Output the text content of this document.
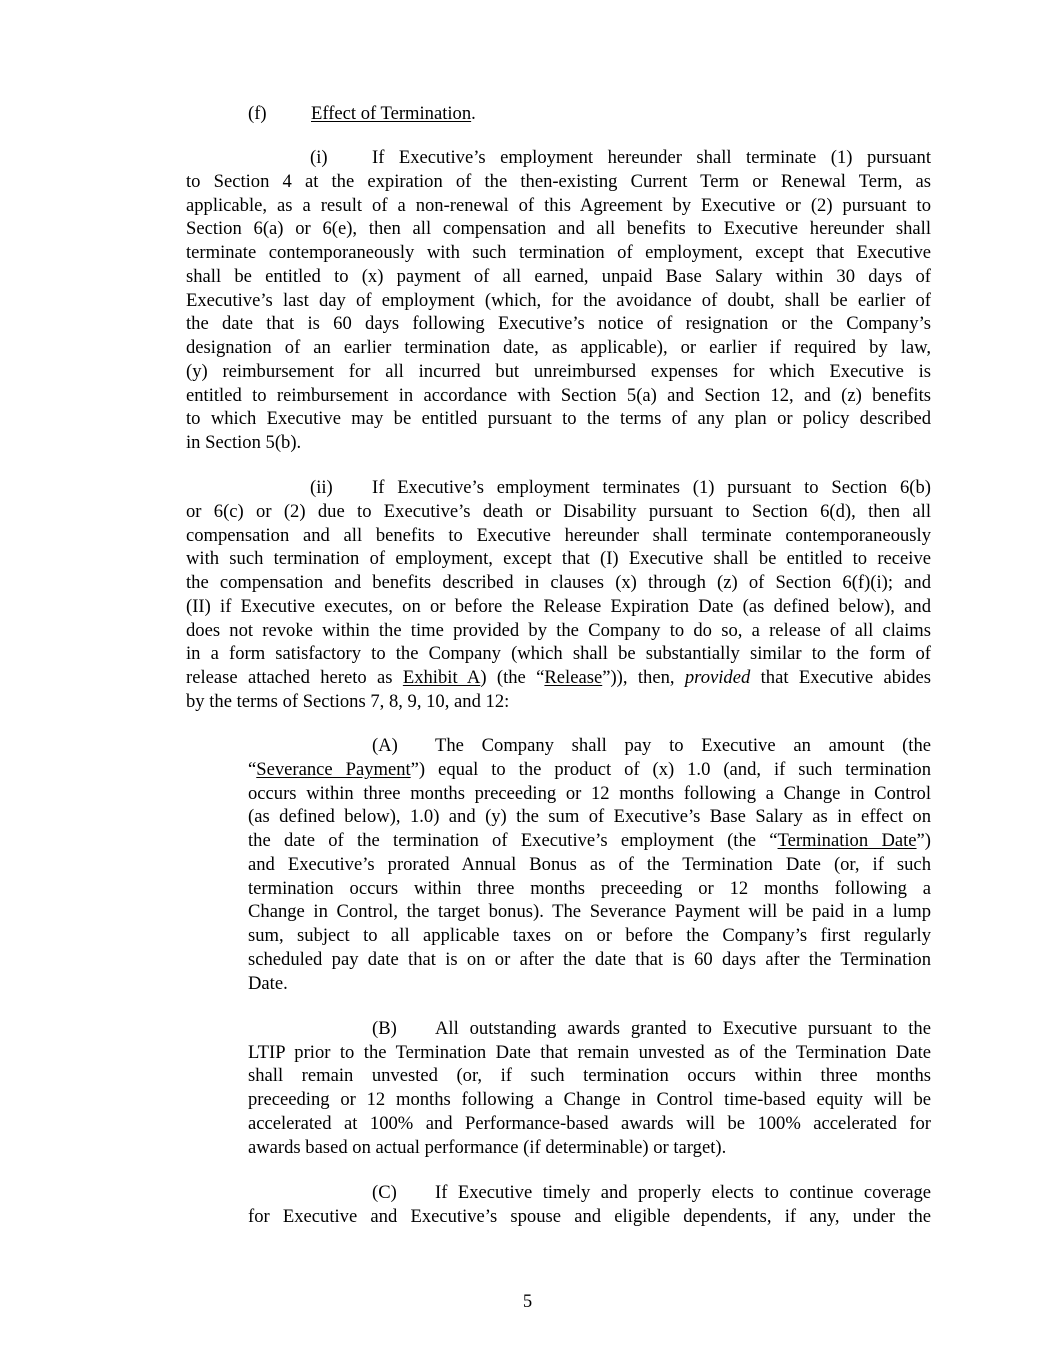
(f) Effect of Termination.
(i) If Executive’s employment hereunder shall terminate (1) pursuant
to Section 4 at the expiration of the then-existing Current Term or Renewal Term, as
applicable, as a result of a non-renewal of this Agreement by Executive or (2) pursuant to
Section 6(a) or 6(e), then all compensation and all benefits to Executive hereunder shall
terminate contemporaneously with such termination of employment, except that Executive
shall be entitled to (x) payment of all earned, unpaid Base Salary within 30 days of
Executive’s last day of employment (which, for the avoidance of doubt, shall be earlier of
the date that is 60 days following Executive’s notice of resignation or the Company’s
designation of an earlier termination date, as applicable), or earlier if required by law,
(y) reimbursement for all incurred but unreimbursed expenses for which Executive is
entitled to reimbursement in accordance with Section 5(a) and Section 12, and (z) benefits
to which Executive may be entitled pursuant to the terms of any plan or policy described
in Section 5(b).
(ii) If Executive’s employment terminates (1) pursuant to Section 6(b)
or 6(c) or (2) due to Executive’s death or Disability pursuant to Section 6(d), then all
compensation and all benefits to Executive hereunder shall terminate contemporaneously
with such termination of employment, except that (I) Executive shall be entitled to receive
the compensation and benefits described in clauses (x) through (z) of Section 6(f)(i); and
(II) if Executive executes, on or before the Release Expiration Date (as defined below), and
does not revoke within the time provided by the Company to do so, a release of all claims
in a form satisfactory to the Company (which shall be substantially similar to the form of
release attached hereto as Exhibit A) (the “Release”)), then, provided that Executive abides
by the terms of Sections 7, 8, 9, 10, and 12:
(A) The Company shall pay to Executive an amount (the
“Severance Payment”) equal to the product of (x) 1.0 (and, if such termination
occurs within three months preceeding or 12 months following a Change in Control
(as defined below), 1.0) and (y) the sum of Executive’s Base Salary as in effect on
the date of the termination of Executive’s employment (the “Termination Date”)
and Executive’s prorated Annual Bonus as of the Termination Date (or, if such
termination occurs within three months preceeding or 12 months following a
Change in Control, the target bonus). The Severance Payment will be paid in a lump
sum, subject to all applicable taxes on or before the Company’s first regularly
scheduled pay date that is on or after the date that is 60 days after the Termination
Date.
(B) All outstanding awards granted to Executive pursuant to the
LTIP prior to the Termination Date that remain unvested as of the Termination Date
shall remain unvested (or, if such termination occurs within three months
preceeding or 12 months following a Change in Control time-based equity will be
accelerated at 100% and Performance-based awards will be 100% accelerated for
awards based on actual performance (if determinable) or target).
(C) If Executive timely and properly elects to continue coverage
for Executive and Executive’s spouse and eligible dependents, if any, under the
5
